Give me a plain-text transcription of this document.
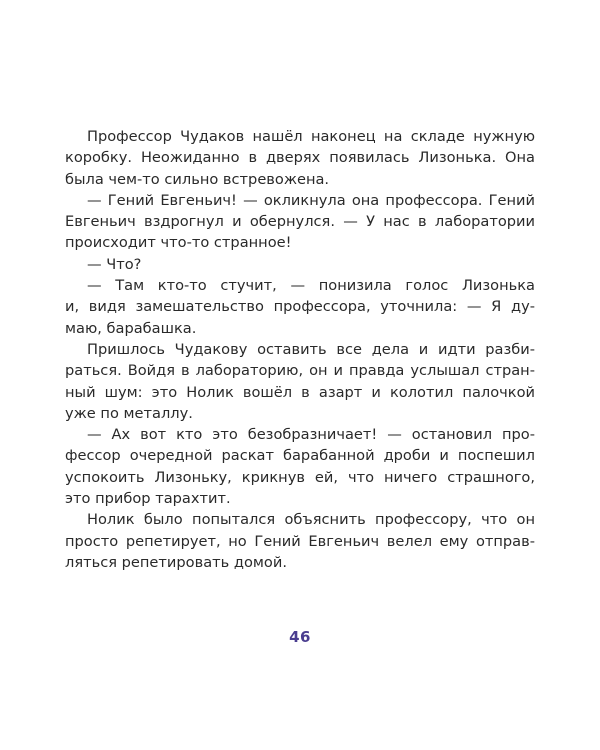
Профессор Чудаков нашёл наконец на складе нужную
коробку. Неожиданно в дверях появилась Лизонька. Она
была чем-то сильно встревожена.
— Гений Евгеньич! — окликнула она профессора. Гений
Евгеньич вздрогнул и обернулся. — У нас в лаборатории
происходит что-то странное!
— Что?
— Там кто-то стучит, — понизила голос Лизонька
и, видя замешательство профессора, уточнила: — Я ду-
маю, барабашка.
Пришлось Чудакову оставить все дела и идти разби-
раться. Войдя в лабораторию, он и правда услышал стран-
ный шум: это Нолик вошёл в азарт и колотил палочкой
уже по металлу.
— Ах вот кто это безобразничает! — остановил про-
фессор очередной раскат барабанной дроби и поспешил
успокоить Лизоньку, крикнув ей, что ничего страшного,
это прибор тарахтит.
Нолик было попытался объяснить профессору, что он
просто репетирует, но Гений Евгеньич велел ему отправ-
ляться репетировать домой.
46
